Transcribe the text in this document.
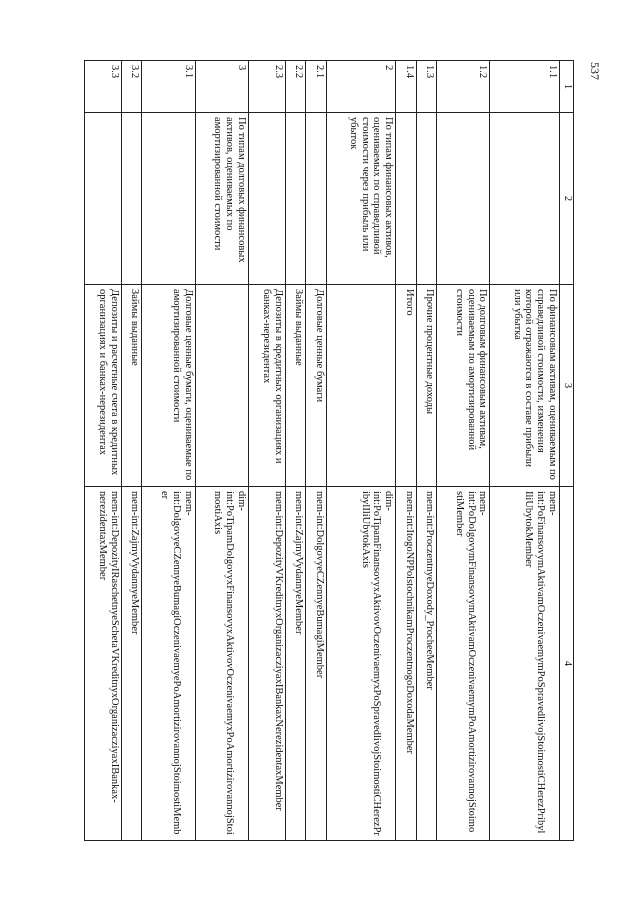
537
1	2	3	4
1.1		По финансовым активам, оцениваемым по справедливой стоимости, изменения которой отражаются в составе прибыли или убытка	mem-int:PoFinansovymAktivamOczenivaemymPoSpravedlivojStoimostiCHerezPribylIliUbytokMember
1.2		По долговым финансовым активам, оцениваемым по амортизированной стоимости	mem-int:PoDolgovymFinansovymAktivamOczenivaemymPoAmortizirovannojStoimostiMember
1.3		Прочие процентные доходы	mem-int:ProczentnyeDoxody_ProcheeMember
1.4		Итого	mem-int:ItogoNPPolstochnikamProczentnogoDoxodaMember
2	По типам финансовых активов, оцениваемых по справедливой стоимости через прибыль или убыток		dim-int:PoTipamFinansovyxAktivovOczenivaemyxPoSpravedlivojStoimostiCHerezPribylIliUbytokAxis
2.1		Долговые ценные бумаги	mem-int:DolgovyeCZennyeBumagiMember
2.2		Займы выданные	mem-int:ZajmyVydannyeMember
2.3		Депозиты в кредитных организациях и банках-нерезидентах	mem-int:DepozityVKreditnyxOrganizacziyaxIBankaxNerezidentaxMember
3	По типам долговых финансовых активов, оцениваемых по амортизированной стоимости		dim-int:PoTipamDolgovyxFinansovyxAktivovOczenivaemyxPoAmortizirovannojStoimostiAxis
3.1		Долговые ценные бумаги, оцениваемые по амортизированной стоимости	mem-int:DolgovyeCZennyeBumagiOczenivaemyePoAmortizirovannojStoimostiMember
3.2		Займы выданные	mem-int:ZajmyVydannyeMember
3.3		Депозиты и расчетные счета в кредитных организациях и банках-нерезидентах	mem-int:DepozityIRaschetnyeSchetaVKreditnyxOrganizacziyaxIBankax-nerezidentaxMember
